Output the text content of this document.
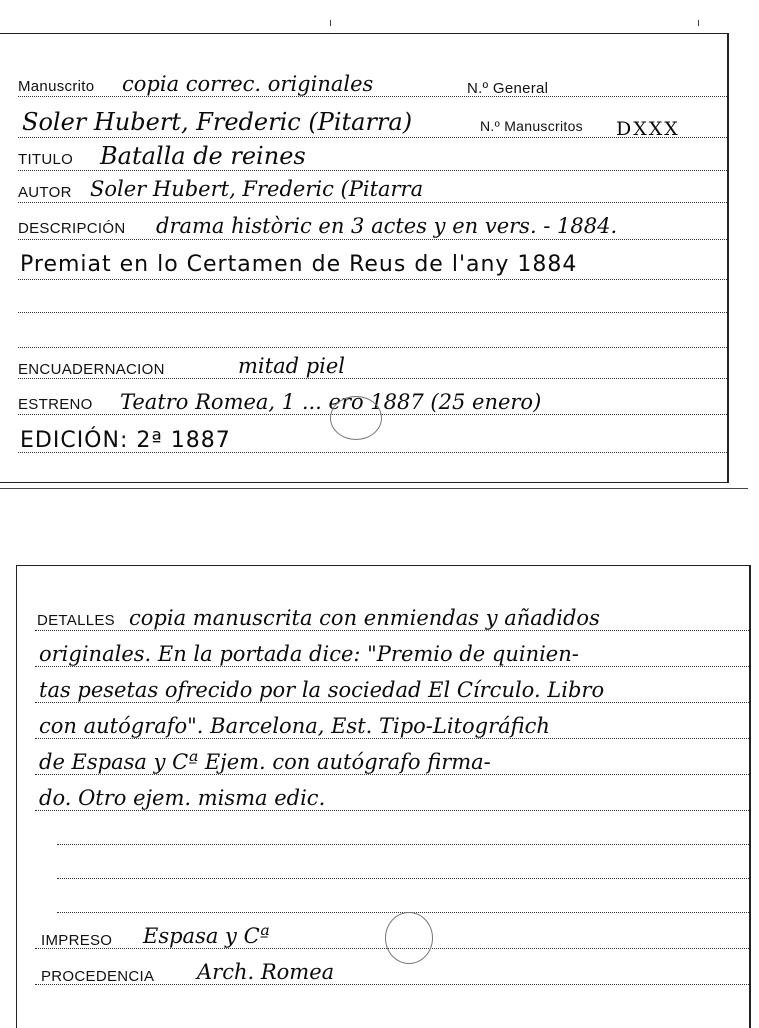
Manuscrito copia correc. originales	N.º General
Soler Hubert, Frederic (Pitarra)	N.º Manuscritos DXXX
TITULO Batalla de reines
AUTOR Soler Hubert, Frederic (Pitarra
DESCRIPCIÓN drama històric en 3 actes y en vers. - 1884.
Premiat en lo Certamen de Reus de l'any 1884
ENCUADERNACION	mitad piel
ESTRENO Teatro Romea, 1 ... ero 1887 (25 enero)
EDICIÓN: 2ª 1887
DETALLES copia manuscrita con enmiendas y añadidos
originales. En la portada dice: "Premio de quinien-
tas pesetas ofrecido por la sociedad El Círculo. Libro
con autógrafo". Barcelona, Est. Tipo-Litográfich
de Espasa y Cª Ejem. con autógrafo firma-
do. Otro ejem. misma edic.
IMPRESO Espasa y Cª
PROCEDENCIA Arch. Romea
